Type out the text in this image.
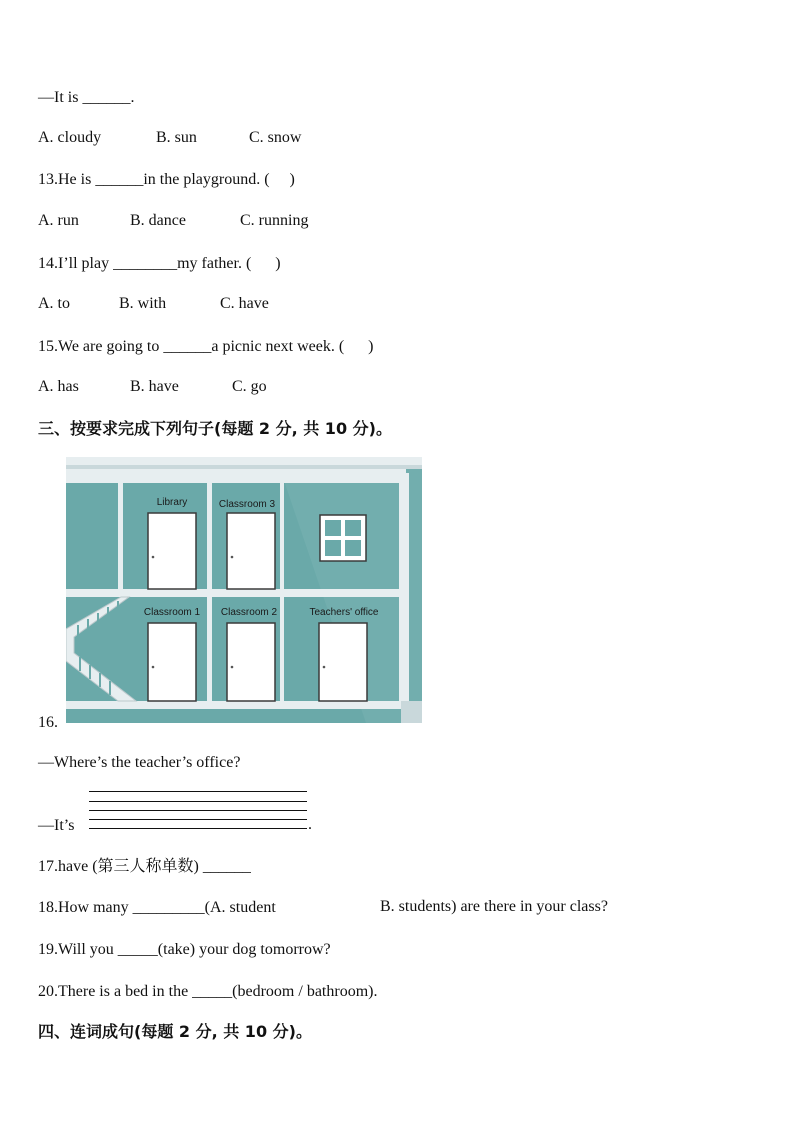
—It is ______.
A. cloudy	B. sun	C. snow
13.He is ______in the playground. (     )
A. run	B. dance	C. running
14.I’ll play ________my father. (      )
A. to	B. with	C. have
15.We are going to ______a picnic next week. (      )
A. has	B. have	C. go
三、按要求完成下列句子(每题 2 分, 共 10 分)。
Library	Classroom 3
Classroom 1 Classroom 2	Teachers' office
16.
—Where’s the teacher’s office?
—It’s	.
17.have (第三人称单数) ______
18.How many _________(A. student	B. students) are there in your class?
19.Will you _____(take) your dog tomorrow?
20.There is a bed in the _____(bedroom / bathroom).
四、连词成句(每题 2 分, 共 10 分)。
